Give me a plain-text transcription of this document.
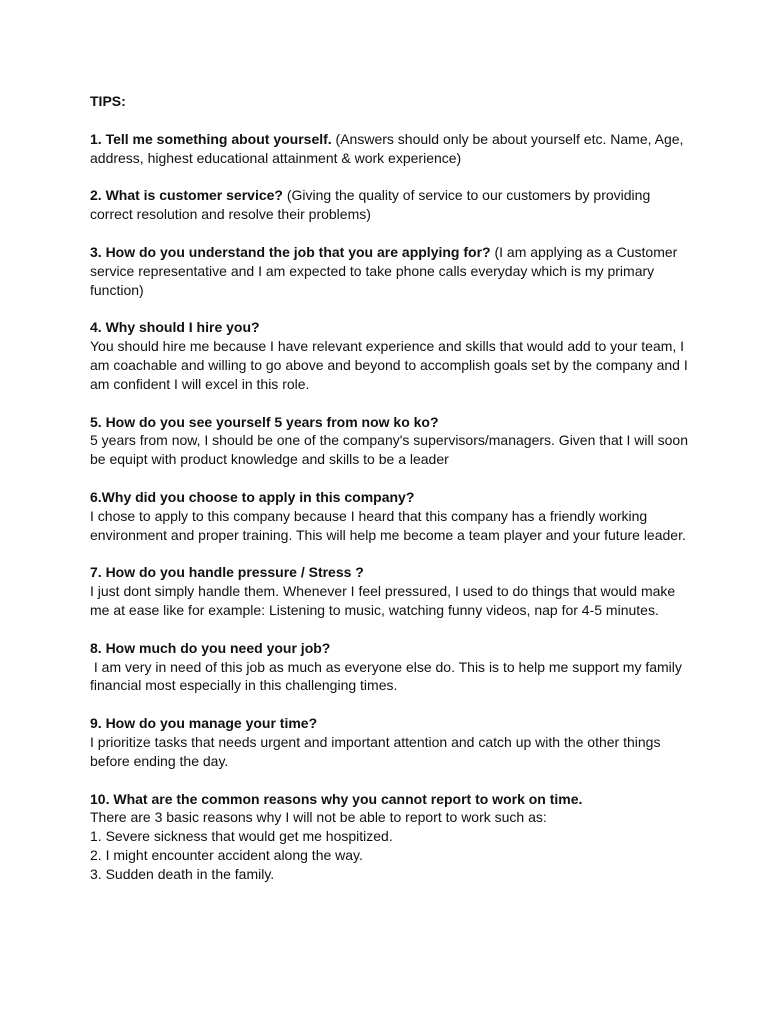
TIPS:
1. Tell me something about yourself. (Answers should only be about yourself etc. Name, Age, address, highest educational attainment & work experience)
2. What is customer service? (Giving the quality of service to our customers by providing correct resolution and resolve their problems)
3. How do you understand the job that you are applying for? (I am applying as a Customer service representative and I am expected to take phone calls everyday which is my primary function)
4. Why should I hire you?
You should hire me because I have relevant experience and skills that would add to your team, I am coachable and willing to go above and beyond to accomplish goals set by the company and I am confident I will excel in this role.
5. How do you see yourself 5 years from now ko ko?
5 years from now, I should be one of the company's supervisors/managers. Given that I will soon be equipt with product knowledge and skills to be a leader
6.Why did you choose to apply in this company?
I chose to apply to this company because I heard that this company has a friendly working environment and proper training. This will help me become a team player and your future leader.
7. How do you handle pressure / Stress ?
I just dont simply handle them. Whenever I feel pressured, I used to do things that would make me at ease like for example: Listening to music, watching funny videos, nap for 4-5 minutes.
8. How much do you need your job?
I am very in need of this job as much as everyone else do. This is to help me support my family financial most especially in this challenging times.
9. How do you manage your time?
I prioritize tasks that needs urgent and important attention and catch up with the other things before ending the day.
10. What are the common reasons why you cannot report to work on time.
There are 3 basic reasons why I will not be able to report to work such as:
1. Severe sickness that would get me hospitized.
2. I might encounter accident along the way.
3. Sudden death in the family.
